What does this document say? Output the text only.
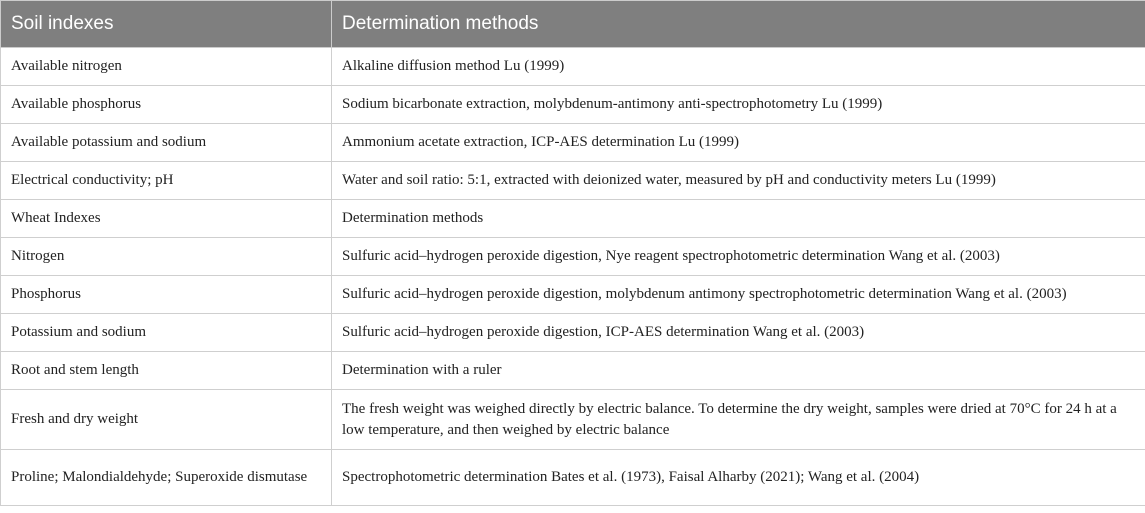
Soil indexes	Determination methods
Available nitrogen	Alkaline diffusion method Lu (1999)
Available phosphorus	Sodium bicarbonate extraction, molybdenum-antimony anti-spectrophotometry Lu (1999)
Available potassium and sodium	Ammonium acetate extraction, ICP-AES determination Lu (1999)
Electrical conductivity; pH	Water and soil ratio: 5:1, extracted with deionized water, measured by pH and conductivity meters Lu (1999)
Wheat Indexes	Determination methods
Nitrogen	Sulfuric acid–hydrogen peroxide digestion, Nye reagent spectrophotometric determination Wang et al. (2003)
Phosphorus	Sulfuric acid–hydrogen peroxide digestion, molybdenum antimony spectrophotometric determination Wang et al. (2003)
Potassium and sodium	Sulfuric acid–hydrogen peroxide digestion, ICP-AES determination Wang et al. (2003)
Root and stem length	Determination with a ruler
Fresh and dry weight	The fresh weight was weighed directly by electric balance. To determine the dry weight, samples were dried at 70°C for 24 h at a low temperature, and then weighed by electric balance
Proline; Malondialdehyde; Superoxide dismutase	Spectrophotometric determination Bates et al. (1973), Faisal Alharby (2021); Wang et al. (2004)
